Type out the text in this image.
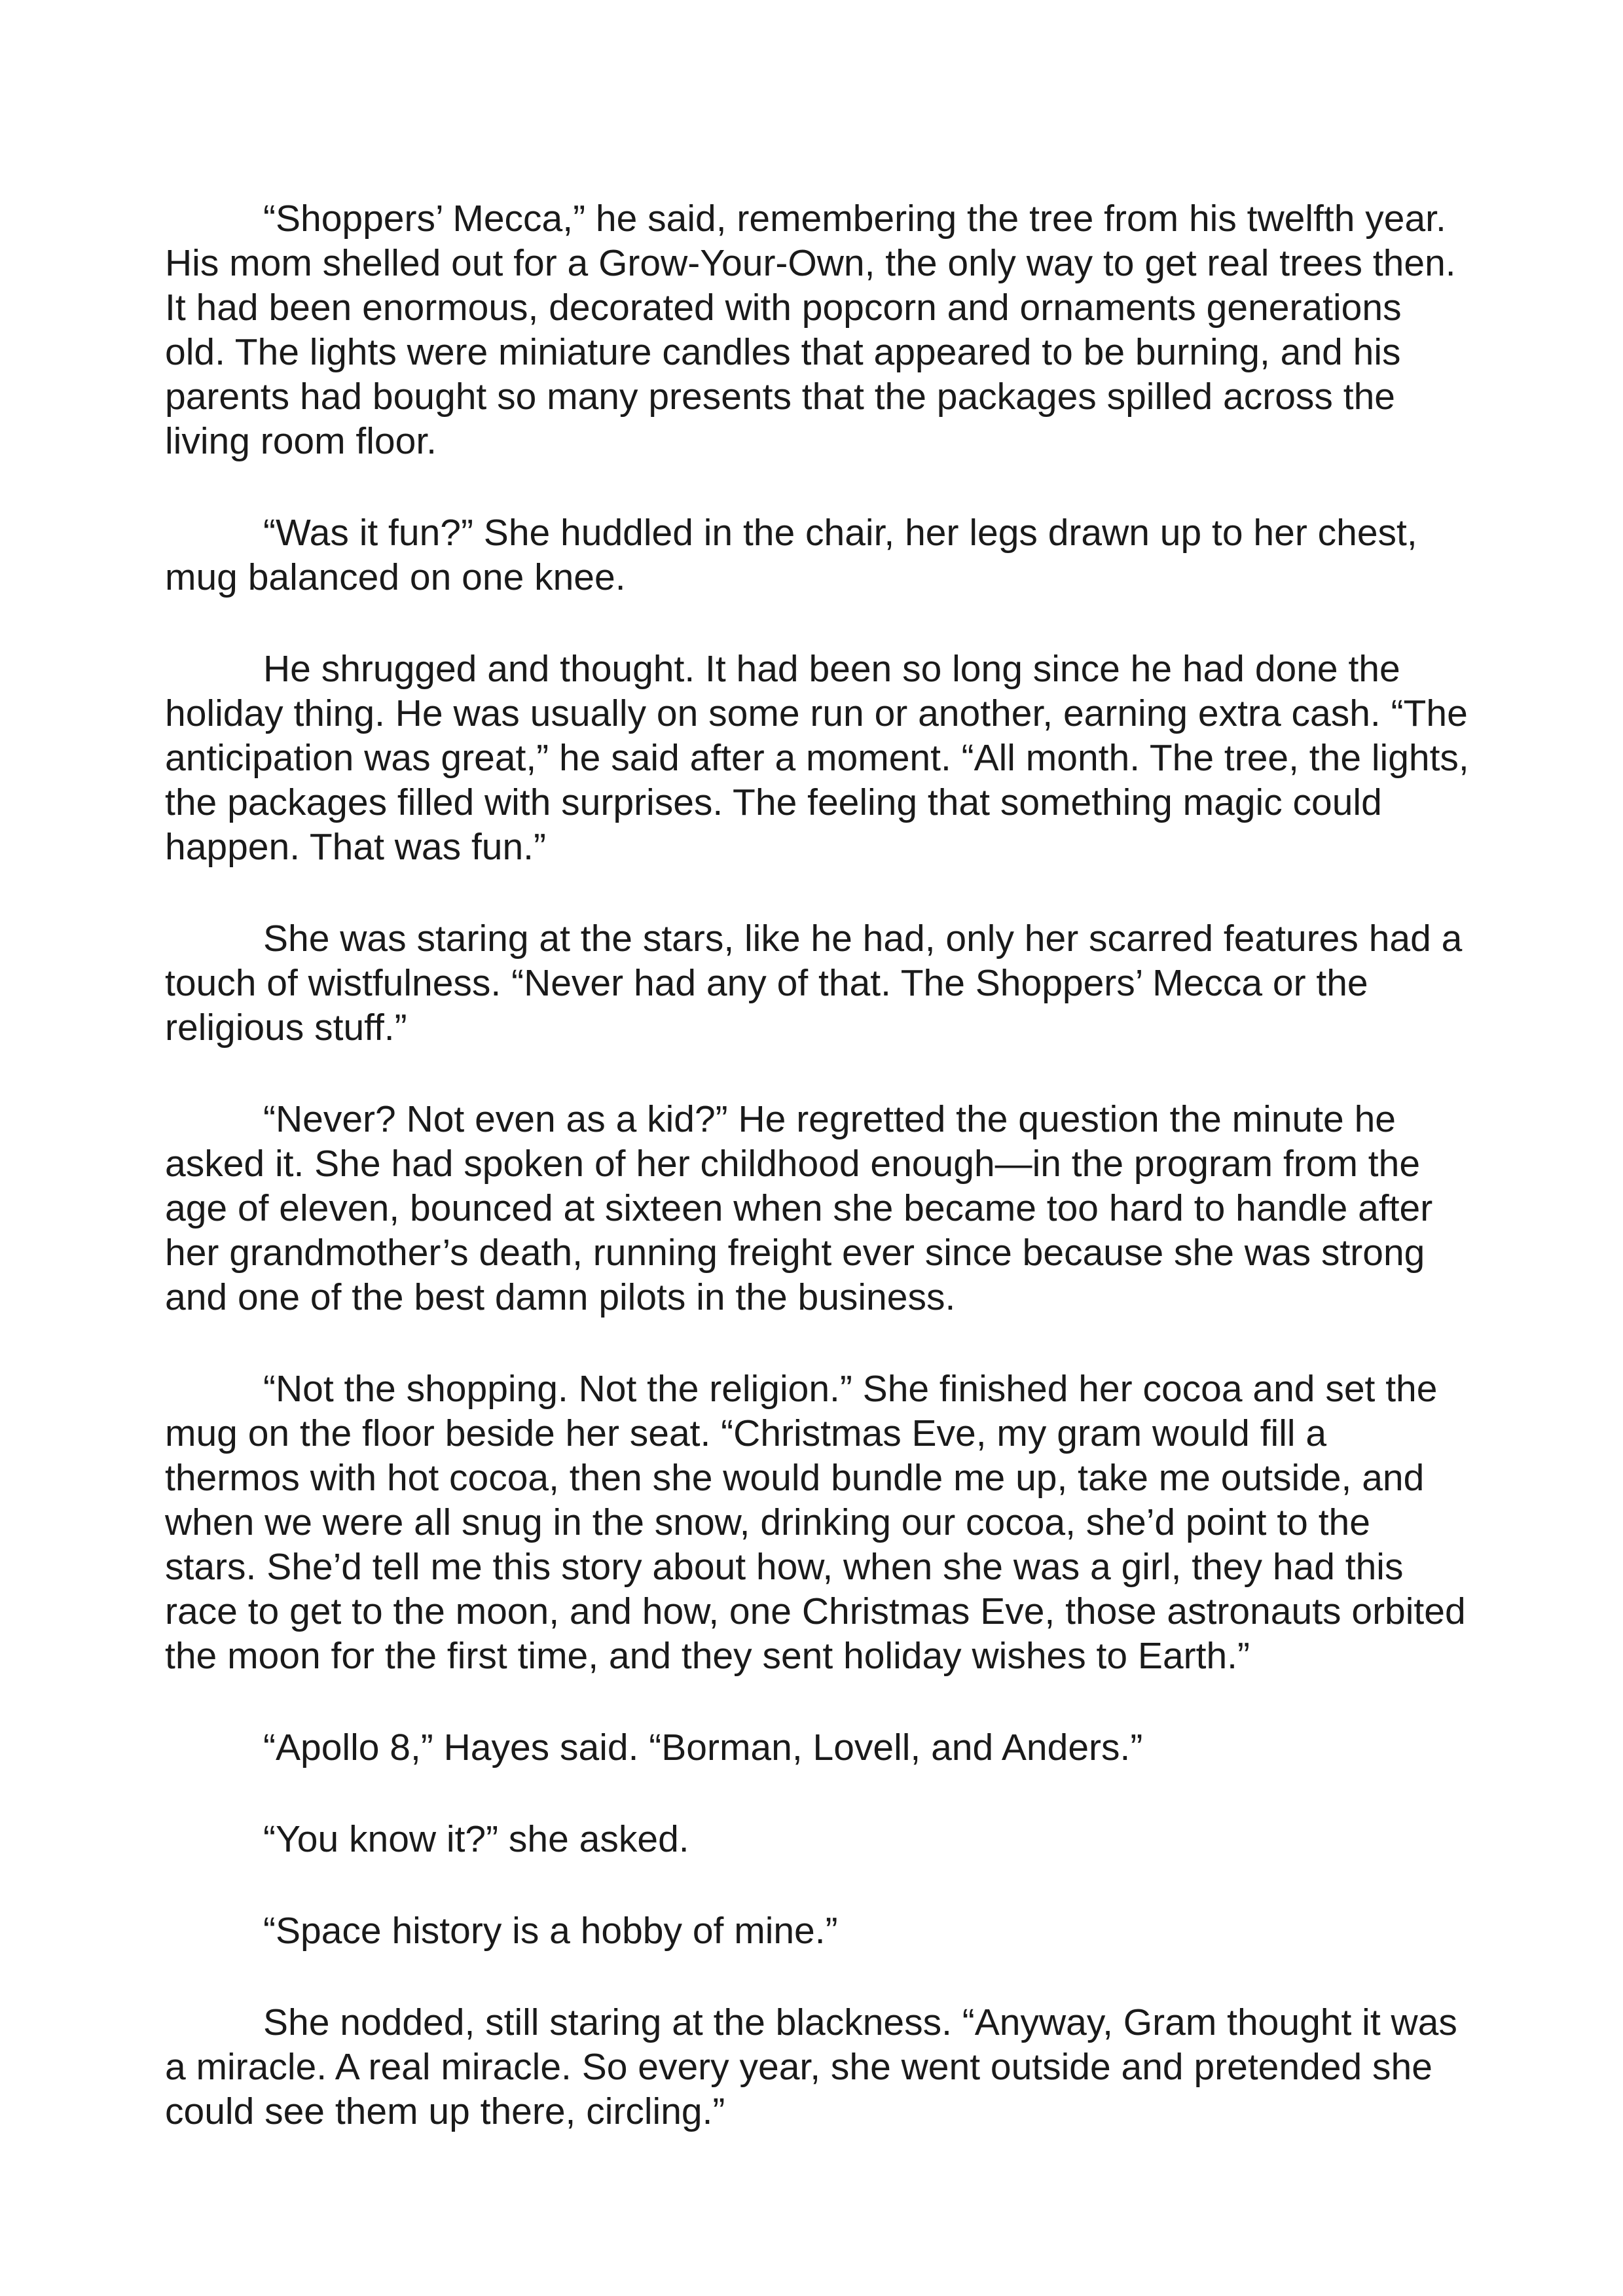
“Shoppers’ Mecca,” he said, remembering the tree from his twelfth year. His mom shelled out for a Grow-Your-Own, the only way to get real trees then. It had been enormous, decorated with popcorn and ornaments generations old. The lights were miniature candles that appeared to be burning, and his parents had bought so many presents that the packages spilled across the living room floor.

“Was it fun?” She huddled in the chair, her legs drawn up to her chest, mug balanced on one knee.

He shrugged and thought. It had been so long since he had done the holiday thing. He was usually on some run or another, earning extra cash. “The anticipation was great,” he said after a moment. “All month. The tree, the lights, the packages filled with surprises. The feeling that something magic could happen. That was fun.”

She was staring at the stars, like he had, only her scarred features had a touch of wistfulness. “Never had any of that. The Shoppers’ Mecca or the religious stuff.”

“Never? Not even as a kid?” He regretted the question the minute he asked it. She had spoken of her childhood enough—in the program from the age of eleven, bounced at sixteen when she became too hard to handle after her grandmother’s death, running freight ever since because she was strong and one of the best damn pilots in the business.

“Not the shopping. Not the religion.” She finished her cocoa and set the mug on the floor beside her seat. “Christmas Eve, my gram would fill a thermos with hot cocoa, then she would bundle me up, take me outside, and when we were all snug in the snow, drinking our cocoa, she’d point to the stars. She’d tell me this story about how, when she was a girl, they had this race to get to the moon, and how, one Christmas Eve, those astronauts orbited the moon for the first time, and they sent holiday wishes to Earth.”

“Apollo 8,” Hayes said. “Borman, Lovell, and Anders.”

“You know it?” she asked.

“Space history is a hobby of mine.”

She nodded, still staring at the blackness. “Anyway, Gram thought it was a miracle. A real miracle. So every year, she went outside and pretended she could see them up there, circling.”
